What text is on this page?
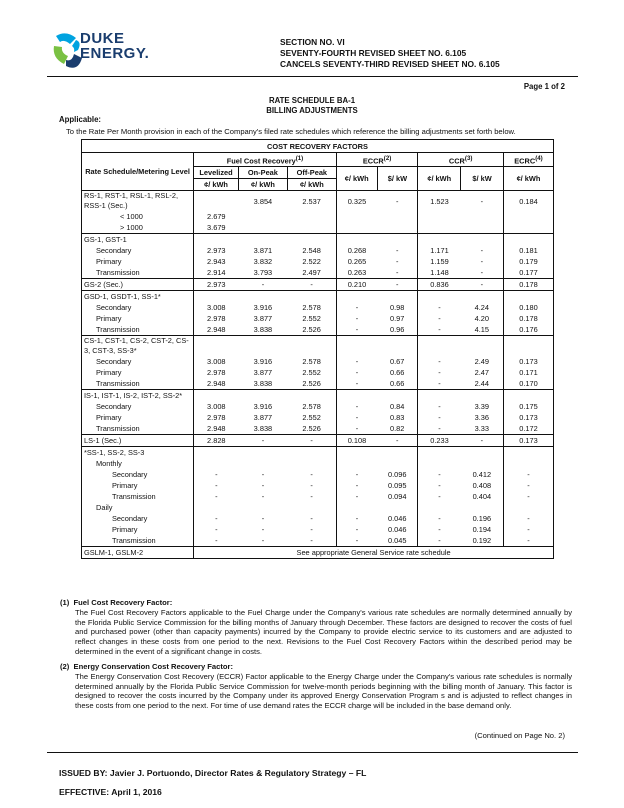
DUKE
ENERGY.
SECTION NO. VI
SEVENTY-FOURTH REVISED SHEET NO. 6.105
CANCELS SEVENTY-THIRD REVISED SHEET NO. 6.105
Page 1 of 2
RATE SCHEDULE BA-1
BILLING ADJUSTMENTS
Applicable:
To the Rate Per Month provision in each of the Company's filed rate schedules which reference the billing adjustments set forth below.
COST RECOVERY FACTORS								
Rate Schedule/Metering Level	Fuel Cost Recovery$^{(1)}$			ECCR$^{(2)}$		CCR$^{(3)}$		ECRC$^{(4)}$
	Levelized	On-Peak	Off-Peak	¢/ kWh	$/ kW	¢/ kWh	$/ kW	¢/ kWh
	¢/ kWh	¢/ kWh	¢/ kWh					
RS-1, RST-1, RSL-1, RSL-2, RSS-1 (Sec.)		3.854	2.537	0.325	-	1.523	-	0.184
< 1000	2.679							
> 1000	3.679							
GS-1, GST-1								
Secondary	2.973	3.871	2.548	0.268	-	1.171	-	0.181
Primary	2.943	3.832	2.522	0.265	-	1.159	-	0.179
Transmission	2.914	3.793	2.497	0.263	-	1.148	-	0.177
GS-2 (Sec.)	2.973	-	-	0.210	-	0.836	-	0.178
GSD-1, GSDT-1, SS-1*								
Secondary	3.008	3.916	2.578	-	0.98	-	4.24	0.180
Primary	2.978	3.877	2.552	-	0.97	-	4.20	0.178
Transmission	2.948	3.838	2.526	-	0.96	-	4.15	0.176
CS-1, CST-1, CS-2, CST-2, CS-3, CST-3, SS-3*								
Secondary	3.008	3.916	2.578	-	0.67	-	2.49	0.173
Primary	2.978	3.877	2.552	-	0.66	-	2.47	0.171
Transmission	2.948	3.838	2.526	-	0.66	-	2.44	0.170
IS-1, IST-1, IS-2, IST-2, SS-2*								
Secondary	3.008	3.916	2.578	-	0.84	-	3.39	0.175
Primary	2.978	3.877	2.552	-	0.83	-	3.36	0.173
Transmission	2.948	3.838	2.526	-	0.82	-	3.33	0.172
LS-1 (Sec.)	2.828	-	-	0.108	-	0.233	-	0.173
*SS-1, SS-2, SS-3								
Monthly								
Secondary	-	-	-	-	0.096	-	0.412	-
Primary	-	-	-	-	0.095	-	0.408	-
Transmission	-	-	-	-	0.094	-	0.404	-
Daily								
Secondary	-	-	-	-	0.046	-	0.196	-
Primary	-	-	-	-	0.046	-	0.194	-
Transmission	-	-	-	-	0.045	-	0.192	-
GSLM-1, GSLM-2	See appropriate General Service rate schedule							
(1) Fuel Cost Recovery Factor:
The Fuel Cost Recovery Factors applicable to the Fuel Charge under the Company's various rate schedules are normally determined annually by the Florida Public Service Commission for the billing months of January through December. These factors are designed to recover the costs of fuel and purchased power (other than capacity payments) incurred by the Company to provide electric service to its customers and are adjusted to reflect changes in these costs from one period to the next. Revisions to the Fuel Cost Recovery Factors within the described period may be determined in the event of a significant change in costs.
(2) Energy Conservation Cost Recovery Factor:
The Energy Conservation Cost Recovery (ECCR) Factor applicable to the Energy Charge under the Company's various rate schedules is normally determined annually by the Florida Public Service Commission for twelve-month periods beginning with the billing month of January. This factor is designed to recover the costs incurred by the Company under its approved Energy Conservation Program s and is adjusted to reflect changes in these costs from one period to the next. For time of use demand rates the ECCR charge will be included in the base demand only.
(Continued on Page No. 2)
ISSUED BY: Javier J. Portuondo, Director Rates & Regulatory Strategy – FL
EFFECTIVE: April 1, 2016
